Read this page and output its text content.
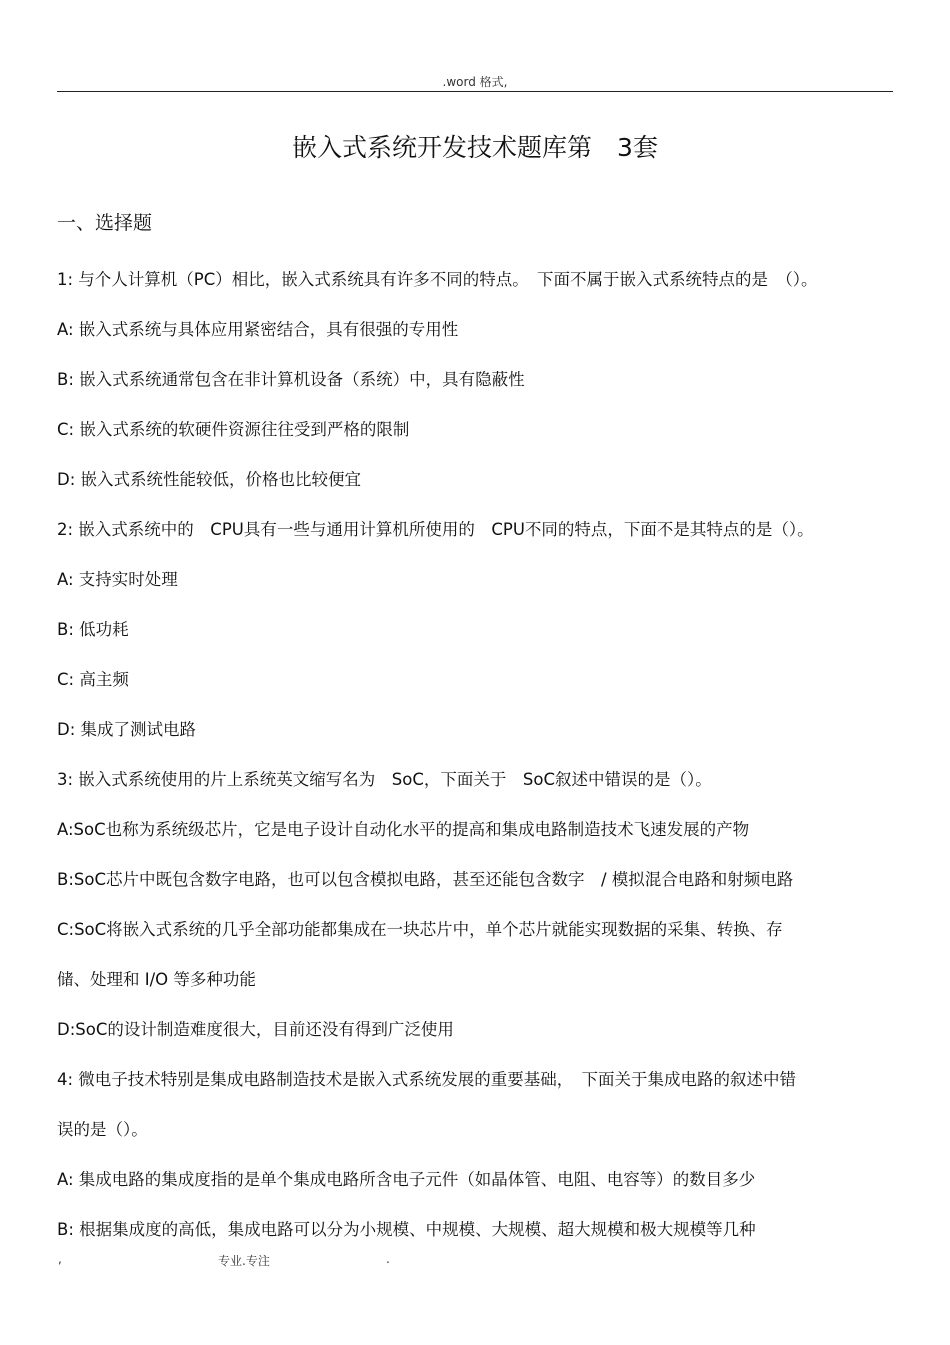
.word 格式,
嵌入式系统开发技术题库第　3套
一、选择题
1: 与个人计算机（PC）相比，嵌入式系统具有许多不同的特点。　下面不属于嵌入式系统特点的是　（）。
A: 嵌入式系统与具体应用紧密结合，具有很强的专用性
B: 嵌入式系统通常包含在非计算机设备（系统）中，具有隐蔽性
C: 嵌入式系统的软硬件资源往往受到严格的限制
D: 嵌入式系统性能较低，价格也比较便宜
2: 嵌入式系统中的　CPU具有一些与通用计算机所使用的　CPU不同的特点，下面不是其特点的是（）。
A: 支持实时处理
B: 低功耗
C: 高主频
D: 集成了测试电路
3: 嵌入式系统使用的片上系统英文缩写名为　SoC，下面关于　SoC叙述中错误的是（）。
A:SoC也称为系统级芯片，它是电子设计自动化水平的提高和集成电路制造技术飞速发展的产物
B:SoC芯片中既包含数字电路，也可以包含模拟电路，甚至还能包含数字　/ 模拟混合电路和射频电路
C:SoC将嵌入式系统的几乎全部功能都集成在一块芯片中，单个芯片就能实现数据的采集、转换、存
储、处理和 I/O 等多种功能
D:SoC的设计制造难度很大，目前还没有得到广泛使用
4: 微电子技术特别是集成电路制造技术是嵌入式系统发展的重要基础，　下面关于集成电路的叙述中错
误的是（）。
A: 集成电路的集成度指的是单个集成电路所含电子元件（如晶体管、电阻、电容等）的数目多少
B: 根据集成度的高低，集成电路可以分为小规模、中规模、大规模、超大规模和极大规模等几种
,	专业.专注	.
